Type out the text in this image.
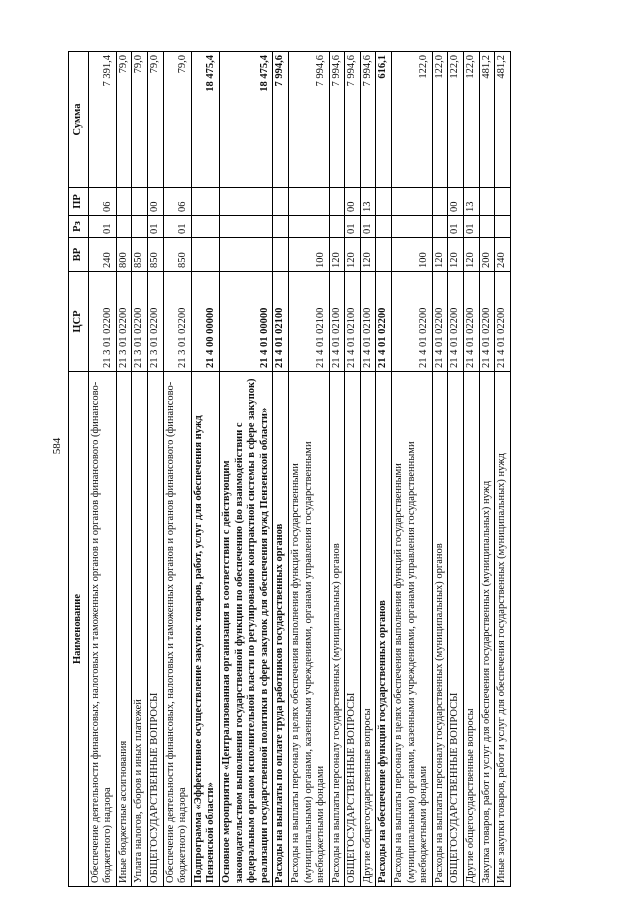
584
Наименование	ЦСР	ВР	Рз	ПР	Сумма
Обеспечение деятельности финансовых, налоговых и таможенных органов и органов финансового (финансово-бюджетного) надзора	21 3 01 02200	240	01	06	7 391,4
Иные бюджетные ассигнования	21 3 01 02200	800			79,0
Уплата налогов, сборов и иных платежей	21 3 01 02200	850			79,0
ОБЩЕГОСУДАРСТВЕННЫЕ ВОПРОСЫ	21 3 01 02200	850	01	00	79,0
Обеспечение деятельности финансовых, налоговых и таможенных органов и органов финансового (финансово-бюджетного) надзора	21 3 01 02200	850	01	06	79,0
Подпрограмма «Эффективное осуществление закупок товаров, работ, услуг для обеспечения нужд Пензенской области»	21 4 00 00000				18 475,4
Основное мероприятие «Централизованная организация в соответствии с действующим законодательством выполнения государственной функции по обеспечению (во взаимодействии с федеральным органом исполнительной власти по регулированию контрактной системы в сфере закупок) реализации государственной политики в сфере закупок для обеспечения нужд Пензенской области»	21 4 01 00000				18 475,4
Расходы на выплаты по оплате труда работников государственных органов	21 4 01 02100				7 994,6
Расходы на выплаты персоналу в целях обеспечения выполнения функций государственными (муниципальными) органами, казенными учреждениями, органами управления государственными внебюджетными фондами	21 4 01 02100	100			7 994,6
Расходы на выплаты персоналу государственных (муниципальных) органов	21 4 01 02100	120			7 994,6
ОБЩЕГОСУДАРСТВЕННЫЕ ВОПРОСЫ	21 4 01 02100	120	01	00	7 994,6
Другие общегосударственные вопросы	21 4 01 02100	120	01	13	7 994,6
Расходы на обеспечение функций государственных органов	21 4 01 02200				616,1
Расходы на выплаты персоналу в целях обеспечения выполнения функций государственными (муниципальными) органами, казенными учреждениями, органами управления государственными внебюджетными фондами	21 4 01 02200	100			122,0
Расходы на выплаты персоналу государственных (муниципальных) органов	21 4 01 02200	120			122,0
ОБЩЕГОСУДАРСТВЕННЫЕ ВОПРОСЫ	21 4 01 02200	120	01	00	122,0
Другие общегосударственные вопросы	21 4 01 02200	120	01	13	122,0
Закупка товаров, работ и услуг для обеспечения государственных (муниципальных) нужд	21 4 01 02200	200			481,2
Иные закупки товаров, работ и услуг для обеспечения государственных (муниципальных) нужд	21 4 01 02200	240			481,2
